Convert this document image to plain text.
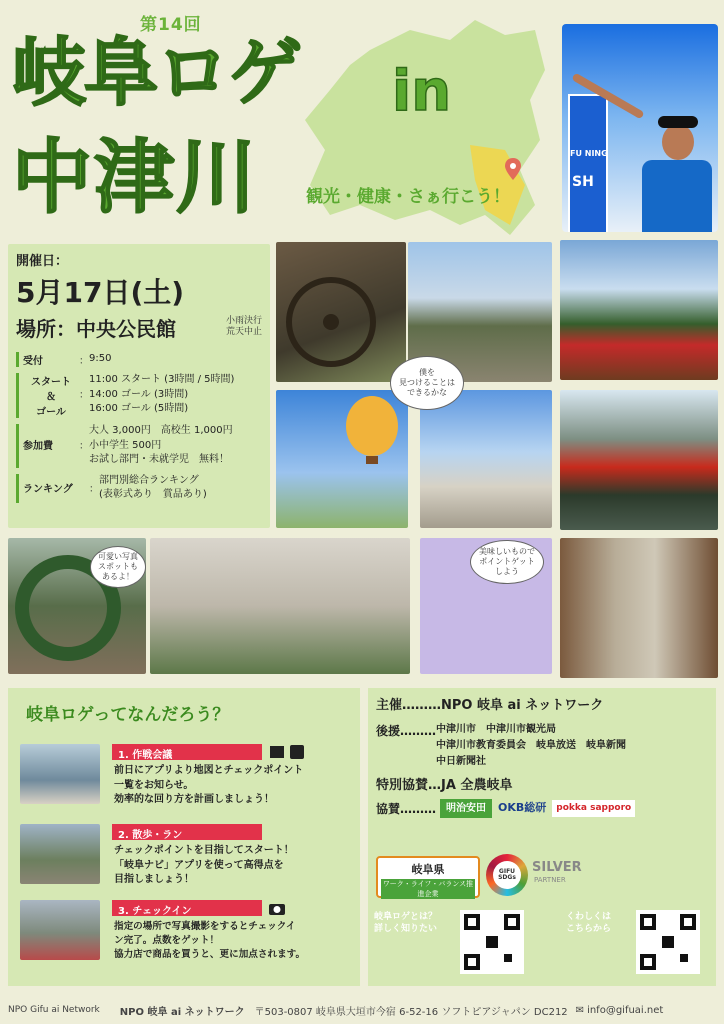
第14回
岐阜ロゲ in
中津川	観光・健康・さぁ行こう！
SH
FU NING
開催日：
5月17日(土)
場所：中央公民館	小雨決行
荒天中止
受付	： 9:50
スタート
＆
ゴール
：
11:00 スタート (3時間 / 5時間)
14:00 ゴール (3時間)
16:00 ゴール (5時間)
参加費	：
大人 3,000円　高校生 1,000円
小中学生 500円
お試し部門・未就学児　無料！
ランキング	：
部門別総合ランキング
(表彰式あり　賞品あり)
僕を
見つけることは
できるかな
可愛い写真
スポットも
あるよ！
美味しいもので
ポイントゲット
しよう
岐阜ロゲってなんだろう？
1. 作戦会議
前日にアプリより地図とチェックポイント
一覧をお知らせ。
効率的な回り方を計画しましょう！
2. 散歩・ラン
チェックポイントを目指してスタート！
「岐阜ナビ」アプリを使って高得点を
目指しましょう！
3. チェックイン
指定の場所で写真撮影をするとチェックイ
ン完了。点数をゲット！
協力店で商品を買うと、更に加点されます。
主催……… NPO 岐阜 ai ネットワーク
後援……… 中津川市　中津川市観光局
中津川市教育委員会　岐阜放送　岐阜新聞
中日新聞社
特別協賛… JA 全農岐阜
協賛………	明治安田	OKB総研	pokka sapporo
岐阜県
ワーク・ライフ・バランス推進企業
GIFU SDGs
SILVER
PARTNER
岐阜ロゲとは？
詳しく知りたい
くわしくは
こちらから
NPO Gifu ai Network NPO 岐阜 ai ネットワーク 〒503-0807 岐阜県大垣市今宿 6-52-16 ソフトピアジャパン DC212 ✉ info@gifuai.net
